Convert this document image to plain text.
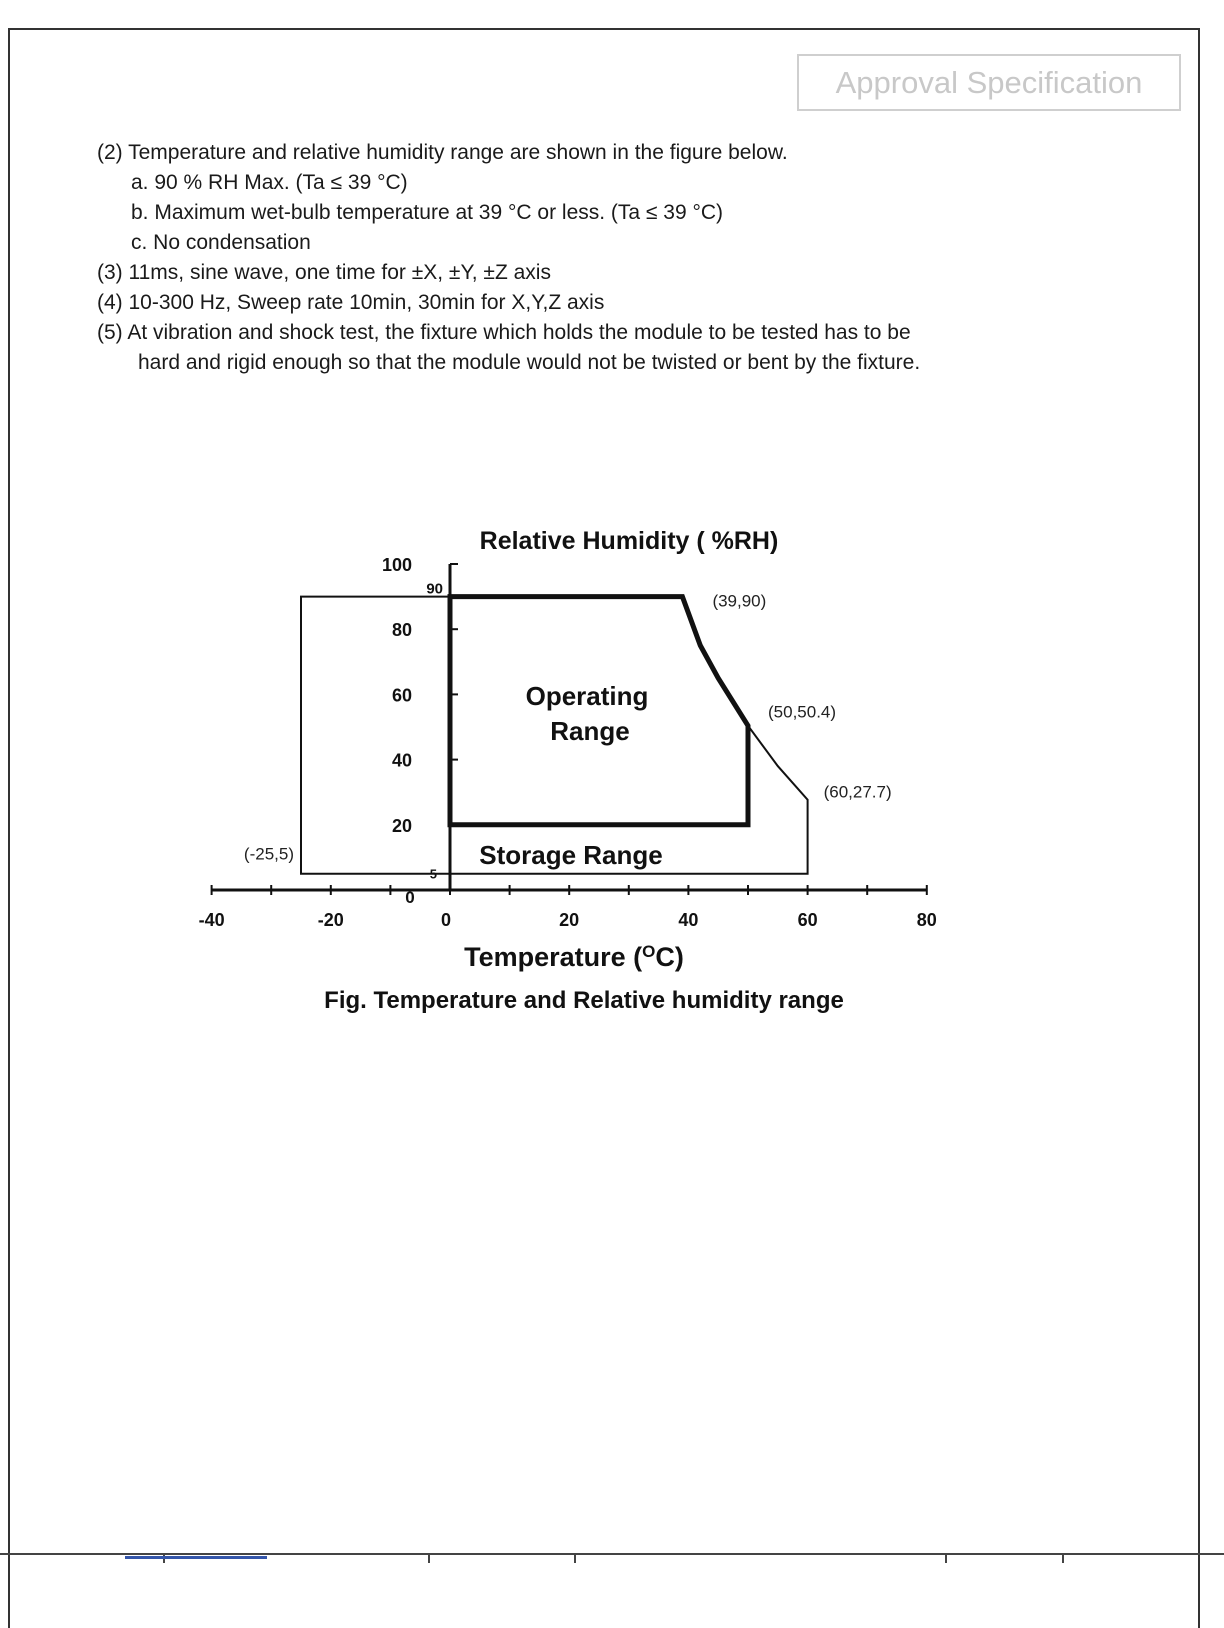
Approval Specification
(2) Temperature and relative humidity range are shown in the figure below.
a. 90 % RH Max. (Ta ≤ 39 °C)
b. Maximum wet-bulb temperature at 39 °C or less. (Ta ≤ 39 °C)
c. No condensation
(3) 11ms, sine wave, one time for ±X, ±Y, ±Z axis
(4) 10-300 Hz, Sweep rate 10min, 30min for X,Y,Z axis
(5) At vibration and shock test, the fixture which holds the module to be tested has to be
hard and rigid enough so that the module would not be twisted or bent by the fixture.
Relative Humidity ( %RH)
Operating
Range
Storage Range
-40	-20	0	20	40	60	80
0
20
40
60
80
100
90
5
(39,90)
(50,50.4)
(60,27.7)
(-25,5)
Temperature ($^O$C)
Fig. Temperature and Relative humidity range
